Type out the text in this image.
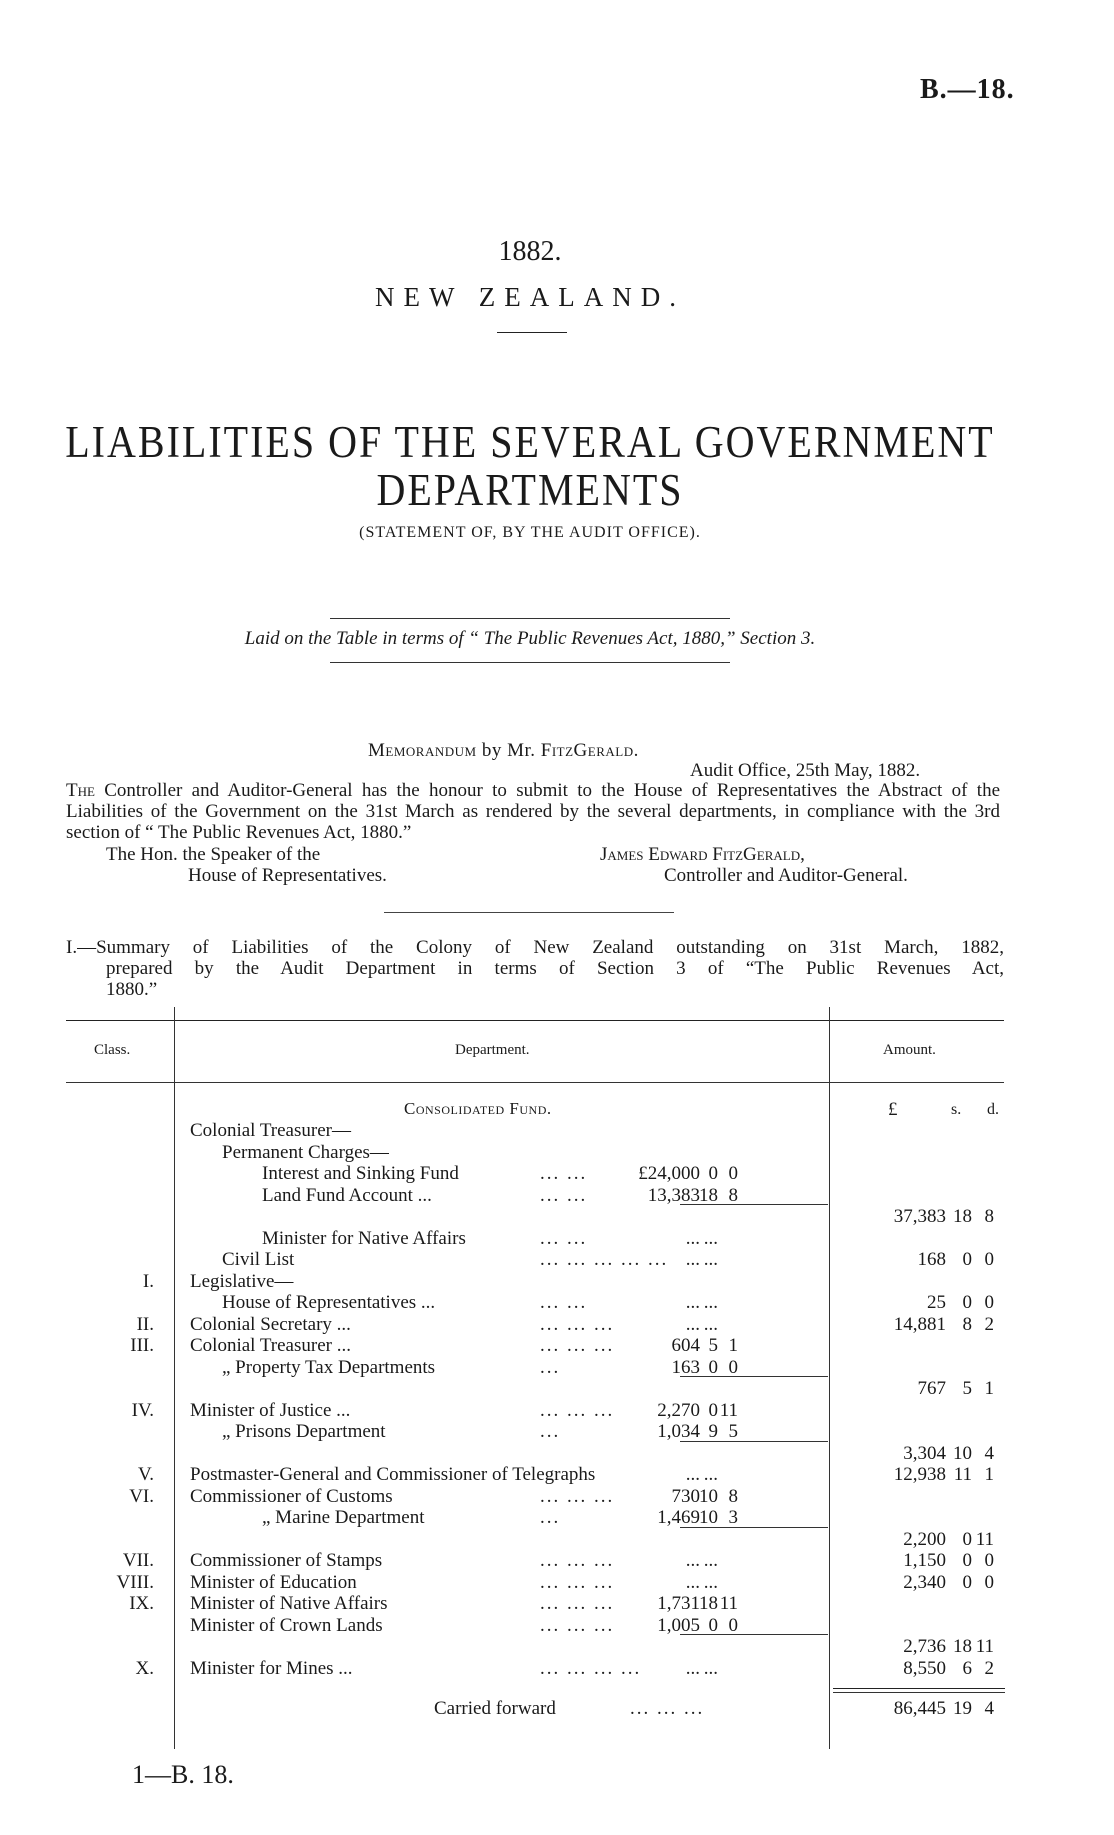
B.—18.
1882.
NEW ZEALAND.
LIABILITIES OF THE SEVERAL GOVERNMENT
DEPARTMENTS
(STATEMENT OF, BY THE AUDIT OFFICE).
Laid on the Table in terms of “ The Public Revenues Act, 1880,” Section 3.
Memorandum by Mr. FitzGerald.
Audit Office, 25th May, 1882.
The Controller and Auditor-General has the honour to submit to the House of Representatives the Abstract of the Liabilities of the Government on the 31st March as rendered by the several departments, in compliance with the 3rd section of “ The Public Revenues Act, 1880.”
The Hon. the Speaker of the
House of Representatives.
James Edward FitzGerald,
Controller and Auditor-General.
I.—Summary of Liabilities of the Colony of New Zealand outstanding on 31st March, 1882,
prepared by the Audit Department in terms of Section 3 of “The Public Revenues Act,
1880.”
Class.	Department.	Amount.
Consolidated Fund.	£	s. d.
Colonial Treasurer—
Permanent Charges—
Interest and Sinking Fund	... ...	£24,000 0 0
Land Fund Account ...	... ...	13,383 18 8
37,383 18 8
Minister for Native Affairs	... ...	... ...
Civil List	... ... ... ... ... ... ...	168 0 0
I. Legislative—
House of Representatives ...	... ...	... ...	25 0 0
II. Colonial Secretary ...	... ... ...	... ...	14,881 8 2
III. Colonial Treasurer ...	... ... ...	604 5 1
„ Property Tax Departments	...	163 0 0
767 5 1
IV. Minister of Justice ...	... ... ... 2,270 0 11
„ Prisons Department	...	1,034 9 5
3,304 10 4
V. Postmaster-General and Commissioner of Telegraphs	... ...	12,938 11 1
VI. Commissioner of Customs	... ... ...	730 10 8
„ Marine Department	...	1,469 10 3
2,200 0 11
VII. Commissioner of Stamps	... ... ...	... ...	1,150 0 0
VIII. Minister of Education	... ... ...	... ...	2,340 0 0
IX. Minister of Native Affairs	... ... ... 1,731 18 11
Minister of Crown Lands	... ... ... 1,005 0 0
2,736 18 11
X. Minister for Mines ...	... ... ... ... ... ...	8,550 6 2
Carried forward	... ... ...	86,445 19 4
1—B. 18.
